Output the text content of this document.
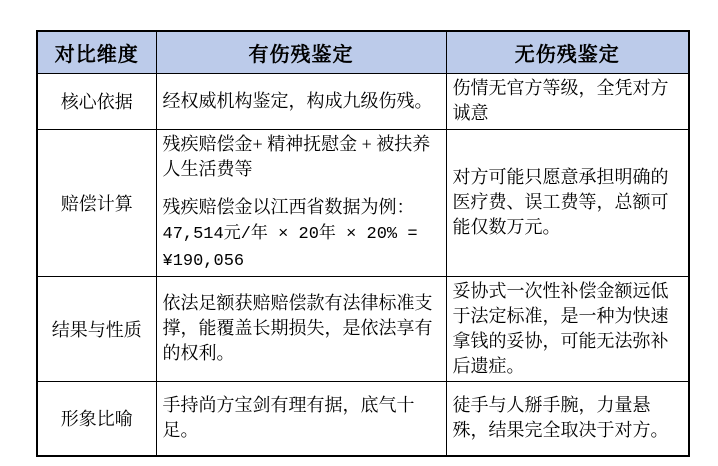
对比维度	有伤残鉴定	无伤残鉴定
核心依据	经权威机构鉴定，构成九级伤残。	伤情无官方等级，全凭对方诚意
赔偿计算	残疾赔偿金+ 精神抚慰金 + 被扶养人生活费等

残疾赔偿金以江西省数据为例：
47,514元/年 × 20年 × 20% =
¥190,056	对方可能只愿意承担明确的医疗费、误工费等，总额可能仅数万元。
结果与性质	依法足额获赔赔偿款有法律标准支撑，能覆盖长期损失，是依法享有的权利。	妥协式一次性补偿金额远低于法定标准，是一种为快速拿钱的妥协，可能无法弥补后遗症。
形象比喻	手持尚方宝剑有理有据，底气十足。	徒手与人掰手腕，力量悬殊，结果完全取决于对方。
